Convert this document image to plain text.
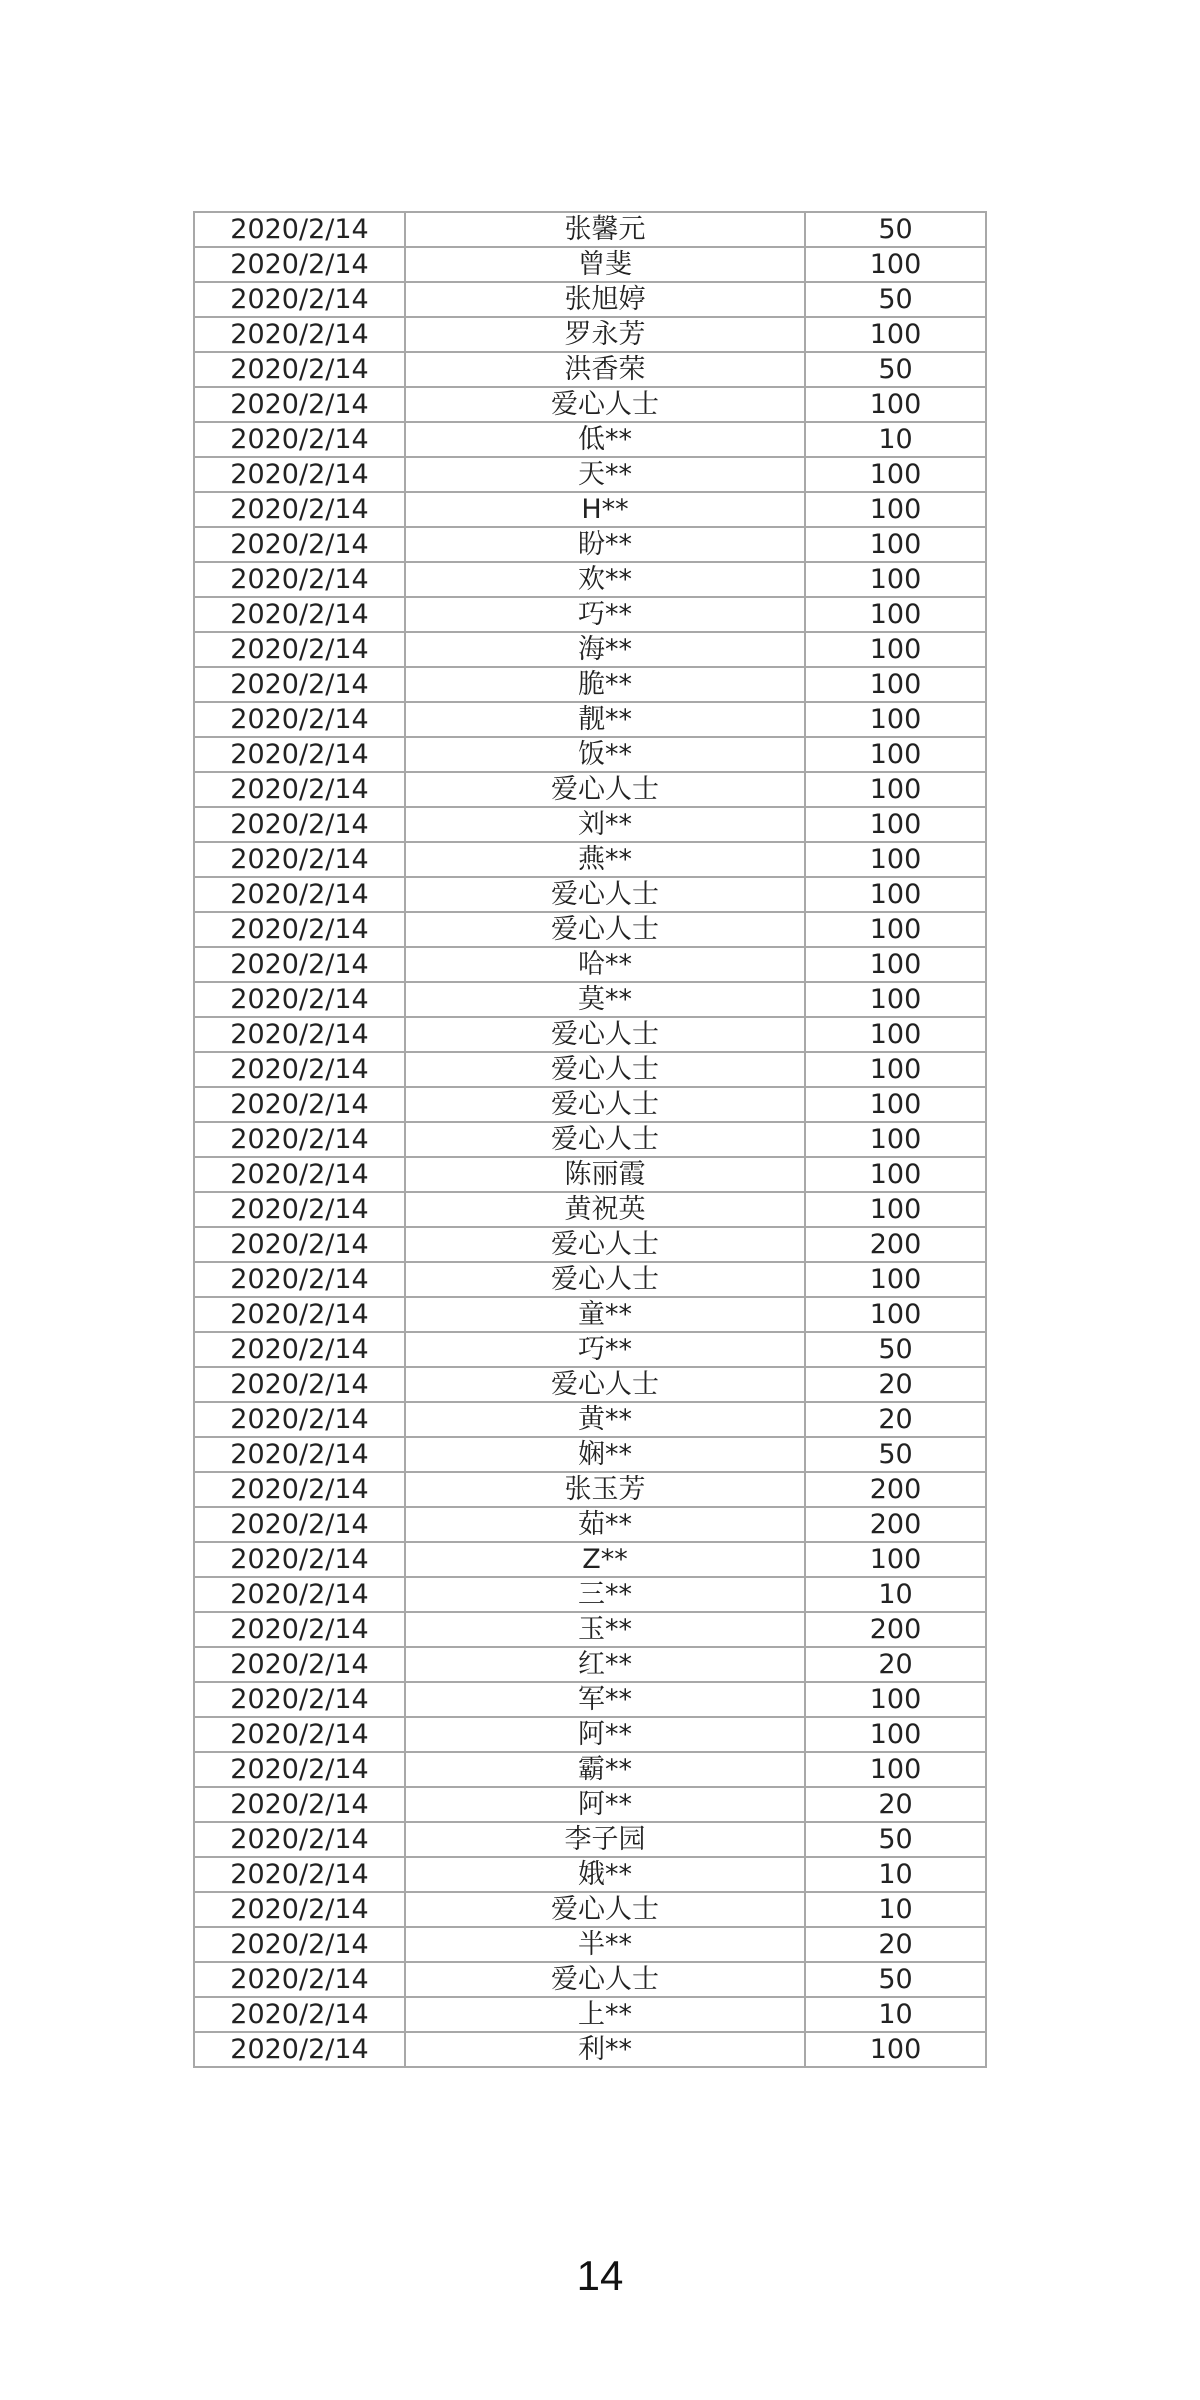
2020/2/14	张馨元	50
2020/2/14	曾斐	100
2020/2/14	张旭婷	50
2020/2/14	罗永芳	100
2020/2/14	洪香荣	50
2020/2/14	爱心人士	100
2020/2/14	低**	10
2020/2/14	天**	100
2020/2/14	H**	100
2020/2/14	盼**	100
2020/2/14	欢**	100
2020/2/14	巧**	100
2020/2/14	海**	100
2020/2/14	脆**	100
2020/2/14	靓**	100
2020/2/14	饭**	100
2020/2/14	爱心人士	100
2020/2/14	刘**	100
2020/2/14	燕**	100
2020/2/14	爱心人士	100
2020/2/14	爱心人士	100
2020/2/14	哈**	100
2020/2/14	莫**	100
2020/2/14	爱心人士	100
2020/2/14	爱心人士	100
2020/2/14	爱心人士	100
2020/2/14	爱心人士	100
2020/2/14	陈丽霞	100
2020/2/14	黄祝英	100
2020/2/14	爱心人士	200
2020/2/14	爱心人士	100
2020/2/14	童**	100
2020/2/14	巧**	50
2020/2/14	爱心人士	20
2020/2/14	黄**	20
2020/2/14	娴**	50
2020/2/14	张玉芳	200
2020/2/14	茹**	200
2020/2/14	Z**	100
2020/2/14	三**	10
2020/2/14	玉**	200
2020/2/14	红**	20
2020/2/14	军**	100
2020/2/14	阿**	100
2020/2/14	霸**	100
2020/2/14	阿**	20
2020/2/14	李子园	50
2020/2/14	娥**	10
2020/2/14	爱心人士	10
2020/2/14	半**	20
2020/2/14	爱心人士	50
2020/2/14	上**	10
2020/2/14	利**	100
14
